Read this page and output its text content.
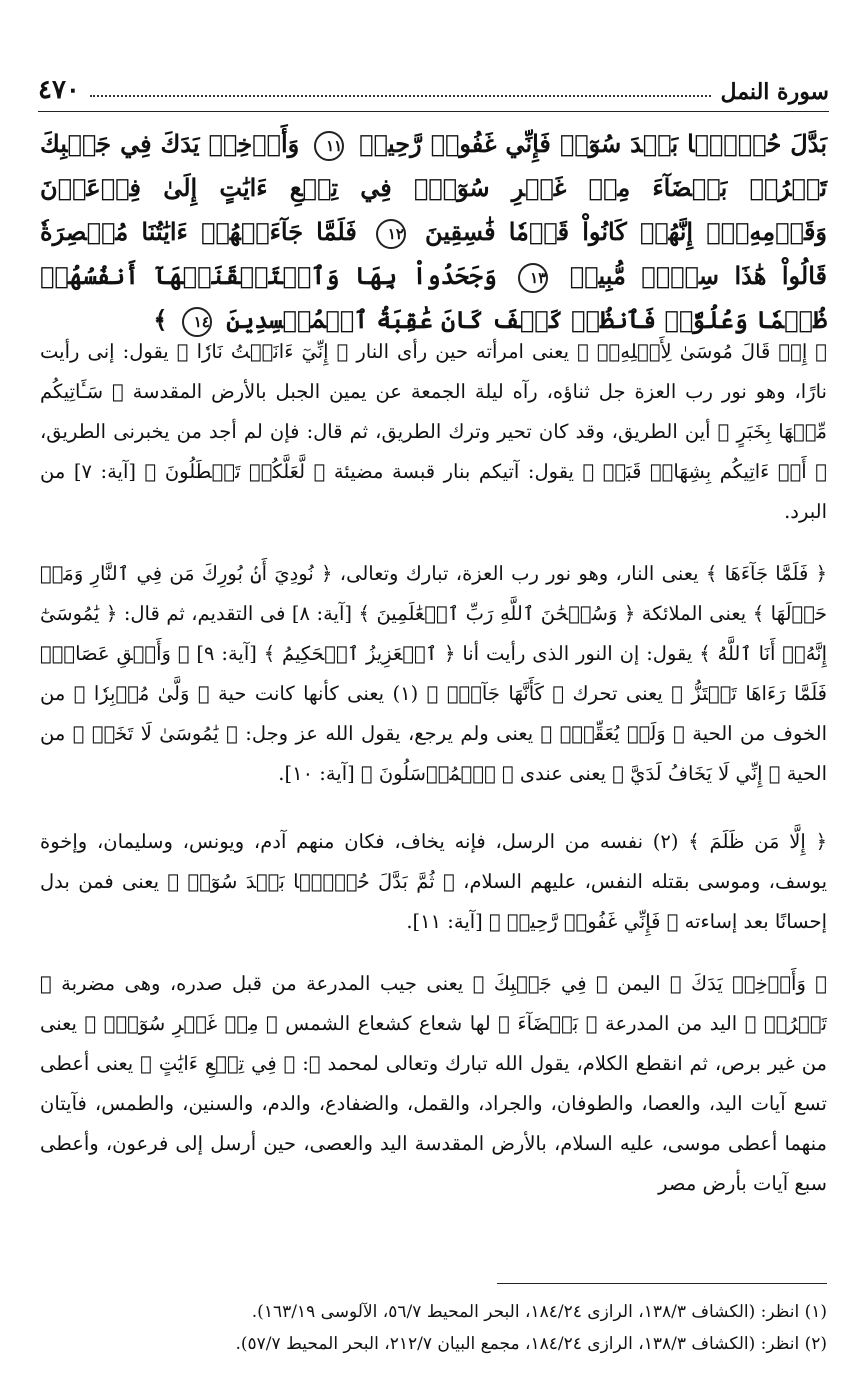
سورة النمل
٤٧٠
بَدَّلَ حُسۡنَۢا بَعۡدَ سُوٓءٖ فَإِنِّي غَفُورٞ رَّحِيمٞ ١١ وَأَدۡخِلۡ يَدَكَ فِي جَيۡبِكَ تَخۡرُجۡ بَيۡضَآءَ مِنۡ غَيۡرِ سُوٓءٖۖ فِي تِسۡعِ ءَايَٰتٍ إِلَىٰ فِرۡعَوۡنَ وَقَوۡمِهِۦٓۚ إِنَّهُمۡ كَانُواْ قَوۡمٗا فَٰسِقِينَ ١٢ فَلَمَّا جَآءَتۡهُمۡ ءَايَٰتُنَا مُبۡصِرَةٗ قَالُواْ هَٰذَا سِحۡرٞ مُّبِينٞ ١٣ وَجَحَدُواْ بِهَا وَٱسۡتَيۡقَنَتۡهَآ أَنفُسُهُمۡ ظُلۡمٗا وَعُلُوّٗاۚ فَٱنظُرۡ كَيۡفَ كَانَ عَٰقِبَةُ ٱلۡمُفۡسِدِينَ ١٤ ﴾

﴿ إِذۡ قَالَ مُوسَىٰ لِأَهۡلِهِۦٓ ﴾ يعنى امرأته حين رأى النار ﴿ إِنِّيٓ ءَانَسۡتُ نَارٗا ﴾ يقول: إنى رأيت نارًا، وهو نور رب العزة جل ثناؤه، رآه ليلة الجمعة عن يمين الجبل بالأرض المقدسة ﴿ سَـَٔاتِيكُم مِّنۡهَا بِخَبَرٍ ﴾ أين الطريق، وقد كان تحير وترك الطريق، ثم قال: فإن لم أجد من يخبرنى الطريق، ﴿ أَوۡ ءَاتِيكُم بِشِهَابٖ قَبَسٖ ﴾ يقول: آتيكم بنار قبسة مضيئة ﴿ لَّعَلَّكُمۡ تَصۡطَلُونَ ﴾ [آية: ٧] من البرد.

﴿ فَلَمَّا جَآءَهَا ﴾ يعنى النار، وهو نور رب العزة، تبارك وتعالى، ﴿ نُودِيَ أَنۢ بُورِكَ مَن فِي ٱلنَّارِ وَمَنۡ حَوۡلَهَا ﴾ يعنى الملائكة ﴿ وَسُبۡحَٰنَ ٱللَّهِ رَبِّ ٱلۡعَٰلَمِينَ ﴾ [آية: ٨] فى التقديم، ثم قال: ﴿ يَٰمُوسَىٰٓ إِنَّهُۥٓ أَنَا ٱللَّهُ ﴾ يقول: إن النور الذى رأيت أنا ﴿ ٱلۡعَزِيزُ ٱلۡحَكِيمُ ﴾ [آية: ٩] ﴿ وَأَلۡقِ عَصَاكَۚ فَلَمَّا رَءَاهَا تَهۡتَزُّ ﴾ يعنى تحرك ﴿ كَأَنَّهَا جَآنّٞ ﴾ (١) يعنى كأنها كانت حية ﴿ وَلَّىٰ مُدۡبِرٗا ﴾ من الخوف من الحية ﴿ وَلَمۡ يُعَقِّبۡۚ ﴾ يعنى ولم يرجع، يقول الله عز وجل: ﴿ يَٰمُوسَىٰ لَا تَخَفۡ ﴾ من الحية ﴿ إِنِّي لَا يَخَافُ لَدَيَّ ﴾ يعنى عندى ﴿ ٱلۡمُرۡسَلُونَ ﴾ [آية: ١٠].

﴿ إِلَّا مَن ظَلَمَ ﴾ (٢) نفسه من الرسل، فإنه يخاف، فكان منهم آدم، ويونس، وسليمان، وإخوة يوسف، وموسى بقتله النفس، عليهم السلام، ﴿ ثُمَّ بَدَّلَ حُسۡنَۢا بَعۡدَ سُوٓءٖ ﴾ يعنى فمن بدل إحسانًا بعد إساءته ﴿ فَإِنِّي غَفُورٞ رَّحِيمٞ ﴾ [آية: ١١].

﴿ وَأَدۡخِلۡ يَدَكَ ﴾ اليمن ﴿ فِي جَيۡبِكَ ﴾ يعنى جيب المدرعة من قبل صدره، وهى مضربة ﴿ تَخۡرُجۡ ﴾ اليد من المدرعة ﴿ بَيۡضَآءَ ﴾ لها شعاع كشعاع الشمس ﴿ مِنۡ غَيۡرِ سُوٓءٖۖ ﴾ يعنى من غير برص، ثم انقطع الكلام، يقول الله تبارك وتعالى لمحمد ﷺ: ﴿ فِي تِسۡعِ ءَايَٰتٍ ﴾ يعنى أعطى تسع آيات اليد، والعصا، والطوفان، والجراد، والقمل، والضفادع، والدم، والسنين، والطمس، فآيتان منهما أعطى موسى، عليه السلام، بالأرض المقدسة اليد والعصى، حين أرسل إلى فرعون، وأعطى سبع آيات بأرض مصر

(١) انظر: (الكشاف ١٣٨/٣، الرازى ١٨٤/٢٤، البحر المحيط ٥٦/٧، الآلوسى ١٦٣/١٩).
(٢) انظر: (الكشاف ١٣٨/٣، الرازى ١٨٤/٢٤، مجمع البيان ٢١٢/٧، البحر المحيط ٥٧/٧).
